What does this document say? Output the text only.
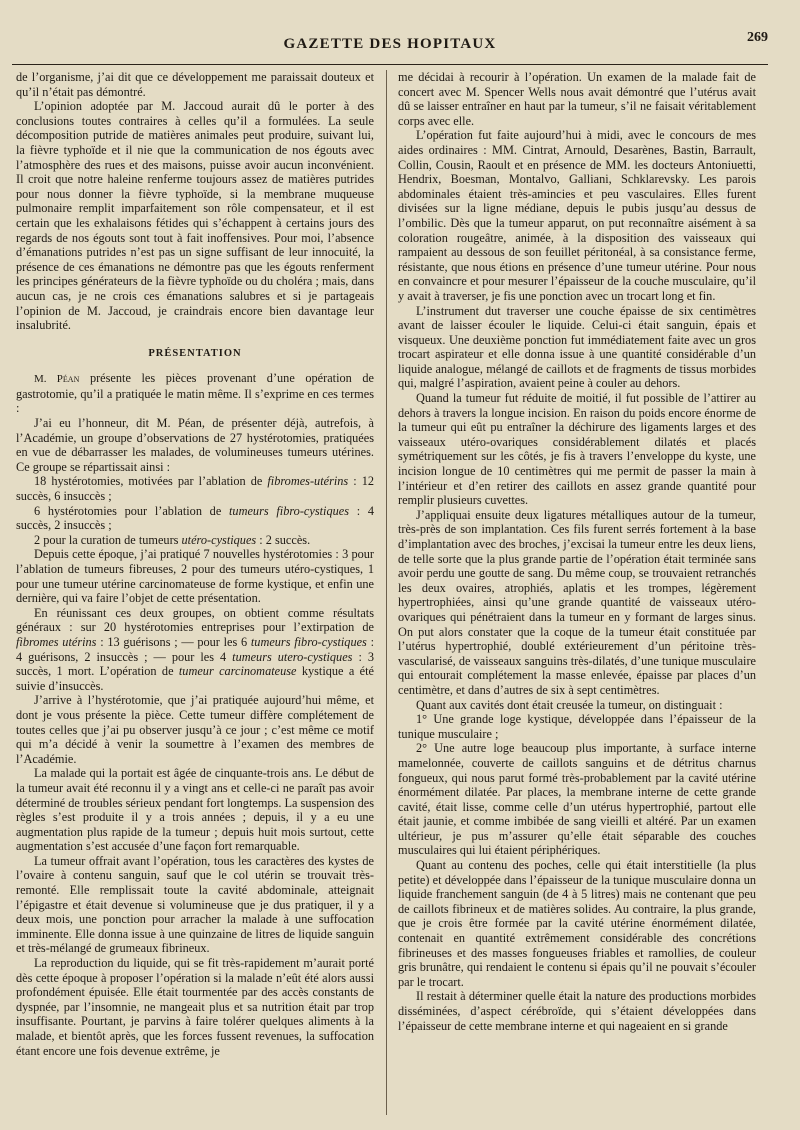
GAZETTE DES HOPITAUX	269

de l’organisme, j’ai dit que ce développement me paraissait douteux et qu’il n’était pas démontré.

L’opinion adoptée par M. Jaccoud aurait dû le porter à des conclusions toutes contraires à celles qu’il a formulées. La seule décomposition putride de matières animales peut produire, suivant lui, la fièvre typhoïde et il nie que la communication de nos égouts avec l’atmosphère des rues et des maisons, puisse avoir aucun inconvénient. Il croit que notre haleine renferme toujours assez de matières putrides pour nous donner la fièvre typhoïde, si la membrane muqueuse pulmonaire remplit imparfaitement son rôle compensateur, et il est certain que les exhalaisons fétides qui s’échappent à certains jours des regards de nos égouts sont tout à fait inoffensives. Pour moi, l’absence d’émanations putrides n’est pas un signe suffisant de leur innocuité, la présence de ces émanations ne démontre pas que les égouts renferment les principes générateurs de la fièvre typhoïde ou du choléra ; mais, dans aucun cas, je ne crois ces émanations salubres et si je partageais l’opinion de M. Jaccoud, je craindrais encore bien davantage leur insalubrité.

PRÉSENTATION

M. Péan présente les pièces provenant d’une opération de gastrotomie, qu’il a pratiquée le matin même. Il s’exprime en ces termes :

J’ai eu l’honneur, dit M. Péan, de présenter déjà, autrefois, à l’Académie, un groupe d’observations de 27 hystérotomies, pratiquées en vue de débarrasser les malades, de volumineuses tumeurs utérines. Ce groupe se répartissait ainsi :

18 hystérotomies, motivées par l’ablation de fibromes-utérins : 12 succès, 6 insuccès ;

6 hystérotomies pour l’ablation de tumeurs fibro-cystiques : 4 succès, 2 insuccès ;

2 pour la curation de tumeurs utéro-cystiques : 2 succès.

Depuis cette époque, j’ai pratiqué 7 nouvelles hystérotomies : 3 pour l’ablation de tumeurs fibreuses, 2 pour des tumeurs utéro-cystiques, 1 pour une tumeur utérine carcinomateuse de forme kystique, et enfin une dernière, qui va faire l’objet de cette présentation.

En réunissant ces deux groupes, on obtient comme résultats généraux : sur 20 hystérotomies entreprises pour l’extirpation de fibromes utérins : 13 guérisons ; — pour les 6 tumeurs fibro-cystiques : 4 guérisons, 2 insuccès ; — pour les 4 tumeurs utero-cystiques : 3 succès, 1 mort. L’opération de tumeur carcinomateuse kystique a été suivie d’insuccès.

J’arrive à l’hystérotomie, que j’ai pratiquée aujourd’hui même, et dont je vous présente la pièce. Cette tumeur diffère complétement de toutes celles que j’ai pu observer jusqu’à ce jour ; c’est même ce motif qui m’a décidé à venir la soumettre à l’examen des membres de l’Académie.

La malade qui la portait est âgée de cinquante-trois ans. Le début de la tumeur avait été reconnu il y a vingt ans et celle-ci ne paraît pas avoir déterminé de troubles sérieux pendant fort longtemps. La suspension des règles s’est produite il y a trois années ; depuis, il y a eu une augmentation plus rapide de la tumeur ; depuis huit mois surtout, cette augmentation s’est accusée d’une façon fort remarquable.

La tumeur offrait avant l’opération, tous les caractères des kystes de l’ovaire à contenu sanguin, sauf que le col utérin se trouvait très-remonté. Elle remplissait toute la cavité abdominale, atteignait l’épigastre et était devenue si volumineuse que je dus pratiquer, il y a deux mois, une ponction pour arracher la malade à une suffocation imminente. Elle donna issue à une quinzaine de litres de liquide sanguin et très-mélangé de grumeaux fibrineux.

La reproduction du liquide, qui se fit très-rapidement m’aurait porté dès cette époque à proposer l’opération si la malade n’eût été alors aussi profondément épuisée. Elle était tourmentée par des accès constants de dyspnée, par l’insomnie, ne mangeait plus et sa nutrition était par trop insuffisante. Pourtant, je parvins à faire tolérer quelques aliments à la malade, et bientôt après, que les forces fussent revenues, la suffocation étant encore une fois devenue extrême, je

me décidai à recourir à l’opération. Un examen de la malade fait de concert avec M. Spencer Wells nous avait démontré que l’utérus avait dû se laisser entraîner en haut par la tumeur, s’il ne faisait véritablement corps avec elle.

L’opération fut faite aujourd’hui à midi, avec le concours de mes aides ordinaires : MM. Cintrat, Arnould, Desarènes, Bastin, Barrault, Collin, Cousin, Raoult et en présence de MM. les docteurs Antoniuetti, Hendrix, Boesman, Montalvo, Galliani, Schklarevsky. Les parois abdominales étaient très-amincies et peu vasculaires. Elles furent divisées sur la ligne médiane, depuis le pubis jusqu’au dessus de l’ombilic. Dès que la tumeur apparut, on put reconnaître aisément à sa coloration rougeâtre, animée, à la disposition des vaisseaux qui rampaient au dessous de son feuillet péritonéal, à sa consistance ferme, résistante, que nous étions en présence d’une tumeur utérine. Pour nous en convaincre et pour mesurer l’épaisseur de la couche musculaire, qu’il y avait à traverser, je fis une ponction avec un trocart long et fin.

L’instrument dut traverser une couche épaisse de six centimètres avant de laisser écouler le liquide. Celui-ci était sanguin, épais et visqueux. Une deuxième ponction fut immédiatement faite avec un gros trocart aspirateur et elle donna issue à une quantité considérable d’un liquide analogue, mélangé de caillots et de fragments de tissus morbides qui, malgré l’aspiration, avaient peine à couler au dehors.

Quand la tumeur fut réduite de moitié, il fut possible de l’attirer au dehors à travers la longue incision. En raison du poids encore énorme de la tumeur qui eût pu entraîner la déchirure des ligaments larges et des vaisseaux utéro-ovariques considérablement dilatés et placés symétriquement sur les côtés, je fis à travers l’enveloppe du kyste, une incision longue de 10 centimètres qui me permit de passer la main à l’intérieur et d’en retirer des caillots en assez grande quantité pour remplir plusieurs cuvettes.

J’appliquai ensuite deux ligatures métalliques autour de la tumeur, très-près de son implantation. Ces fils furent serrés fortement à la base d’implantation avec des broches, j’excisai la tumeur entre les deux liens, de telle sorte que la plus grande partie de l’opération était terminée sans avoir perdu une goutte de sang. Du même coup, se trouvaient retranchés les deux ovaires, atrophiés, aplatis et les trompes, légèrement hypertrophiées, ainsi qu’une grande quantité de vaisseaux utéro-ovariques qui pénétraient dans la tumeur en y formant de larges sinus. On put alors constater que la coque de la tumeur était constituée par l’utérus hypertrophié, doublé extérieurement d’un péritoine très-vascularisé, de vaisseaux sanguins très-dilatés, d’une tunique musculaire qui entourait complétement la masse enlevée, épaisse par places d’un centimètre, et dans d’autres de six à sept centimètres.

Quant aux cavités dont était creusée la tumeur, on distinguait :

1° Une grande loge kystique, développée dans l’épaisseur de la tunique musculaire ;

2° Une autre loge beaucoup plus importante, à surface interne mamelonnée, couverte de caillots sanguins et de détritus charnus fongueux, qui nous parut formé très-probablement par la cavité utérine énormément dilatée. Par places, la membrane interne de cette grande cavité, était lisse, comme celle d’un utérus hypertrophié, partout elle était jaunie, et comme imbibée de sang vieilli et altéré. Par un examen ultérieur, je pus m’assurer qu’elle était séparable des couches musculaires qui lui étaient périphériques.

Quant au contenu des poches, celle qui était interstitielle (la plus petite) et développée dans l’épaisseur de la tunique musculaire donna un liquide franchement sanguin (de 4 à 5 litres) mais ne contenant que peu de caillots fibrineux et de matières solides. Au contraire, la plus grande, que je crois être formée par la cavité utérine énormément dilatée, contenait en quantité extrêmement considérable des concrétions fibrineuses et des masses fongueuses friables et ramollies, de couleur gris brunâtre, qui rendaient le contenu si épais qu’il ne pouvait s’écouler par le trocart.

Il restait à déterminer quelle était la nature des productions morbides disséminées, d’aspect cérébroïde, qui s’étaient développées dans l’épaisseur de cette membrane interne et qui nageaient en si grande
